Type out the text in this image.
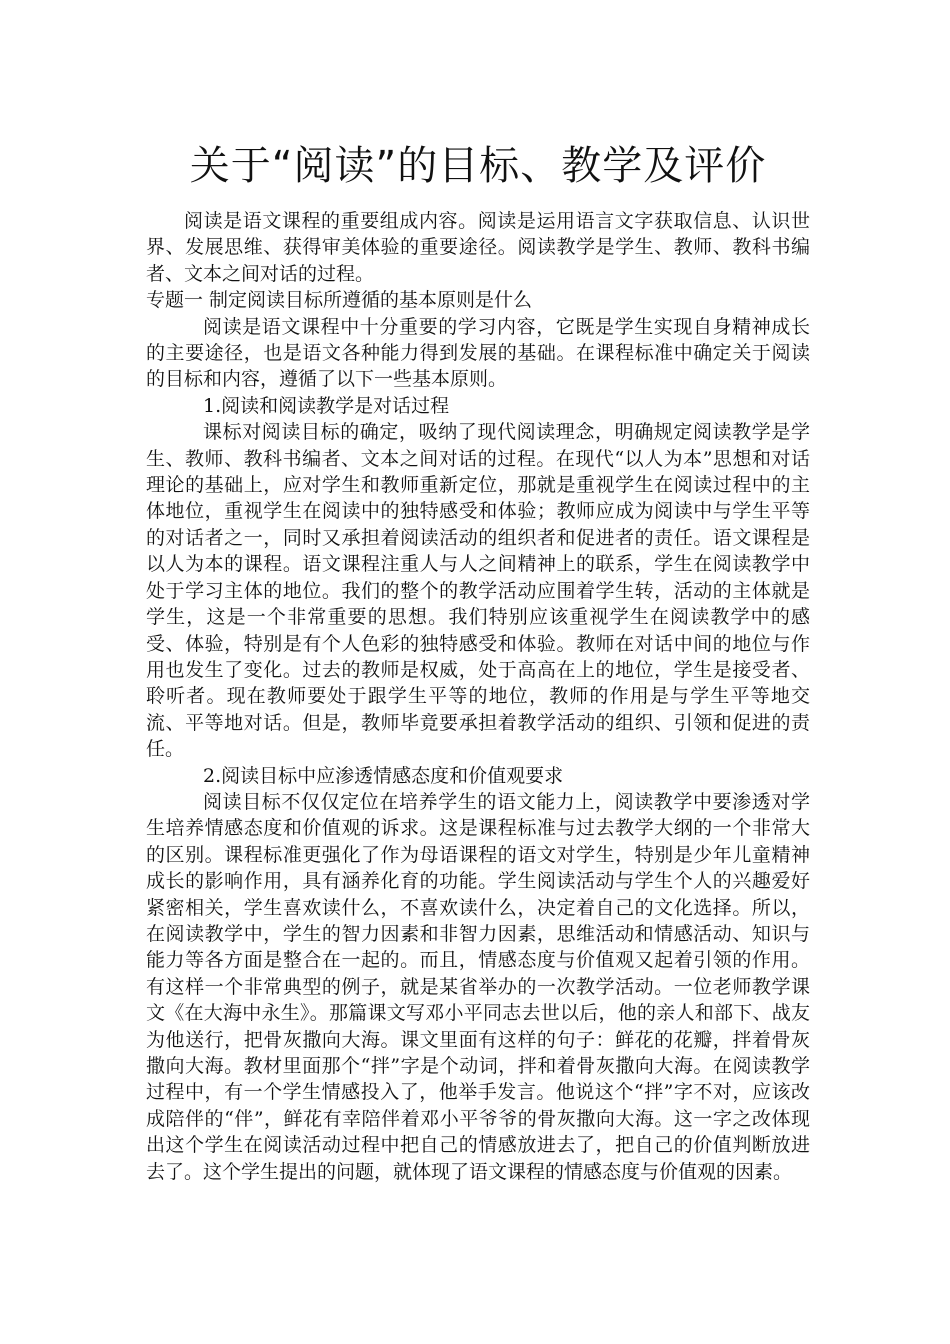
关于“阅读”的目标、教学及评价

阅读是语文课程的重要组成内容。阅读是运用语言文字获取信息、认识世界、发展思维、获得审美体验的重要途径。阅读教学是学生、教师、教科书编者、文本之间对话的过程。

专题一 制定阅读目标所遵循的基本原则是什么

阅读是语文课程中十分重要的学习内容，它既是学生实现自身精神成长的主要途径，也是语文各种能力得到发展的基础。在课程标准中确定关于阅读的目标和内容，遵循了以下一些基本原则。

1.阅读和阅读教学是对话过程

课标对阅读目标的确定，吸纳了现代阅读理念，明确规定阅读教学是学生、教师、教科书编者、文本之间对话的过程。在现代“以人为本”思想和对话理论的基础上，应对学生和教师重新定位，那就是重视学生在阅读过程中的主体地位，重视学生在阅读中的独特感受和体验；教师应成为阅读中与学生平等的对话者之一，同时又承担着阅读活动的组织者和促进者的责任。语文课程是以人为本的课程。语文课程注重人与人之间精神上的联系，学生在阅读教学中处于学习主体的地位。我们的整个的教学活动应围着学生转，活动的主体就是学生，这是一个非常重要的思想。我们特别应该重视学生在阅读教学中的感受、体验，特别是有个人色彩的独特感受和体验。教师在对话中间的地位与作用也发生了变化。过去的教师是权威，处于高高在上的地位，学生是接受者、聆听者。现在教师要处于跟学生平等的地位，教师的作用是与学生平等地交流、平等地对话。但是，教师毕竟要承担着教学活动的组织、引领和促进的责任。

2.阅读目标中应渗透情感态度和价值观要求

阅读目标不仅仅定位在培养学生的语文能力上，阅读教学中要渗透对学生培养情感态度和价值观的诉求。这是课程标准与过去教学大纲的一个非常大的区别。课程标准更强化了作为母语课程的语文对学生，特别是少年儿童精神成长的影响作用，具有涵养化育的功能。学生阅读活动与学生个人的兴趣爱好紧密相关，学生喜欢读什么，不喜欢读什么，决定着自己的文化选择。所以，在阅读教学中，学生的智力因素和非智力因素，思维活动和情感活动、知识与能力等各方面是整合在一起的。而且，情感态度与价值观又起着引领的作用。有这样一个非常典型的例子，就是某省举办的一次教学活动。一位老师教学课文《在大海中永生》。那篇课文写邓小平同志去世以后，他的亲人和部下、战友为他送行，把骨灰撒向大海。课文里面有这样的句子：鲜花的花瓣，拌着骨灰撒向大海。教材里面那个“拌”字是个动词，拌和着骨灰撒向大海。在阅读教学过程中，有一个学生情感投入了，他举手发言。他说这个“拌”字不对，应该改成陪伴的“伴”，鲜花有幸陪伴着邓小平爷爷的骨灰撒向大海。这一字之改体现出这个学生在阅读活动过程中把自己的情感放进去了，把自己的价值判断放进去了。这个学生提出的问题，就体现了语文课程的情感态度与价值观的因素。
